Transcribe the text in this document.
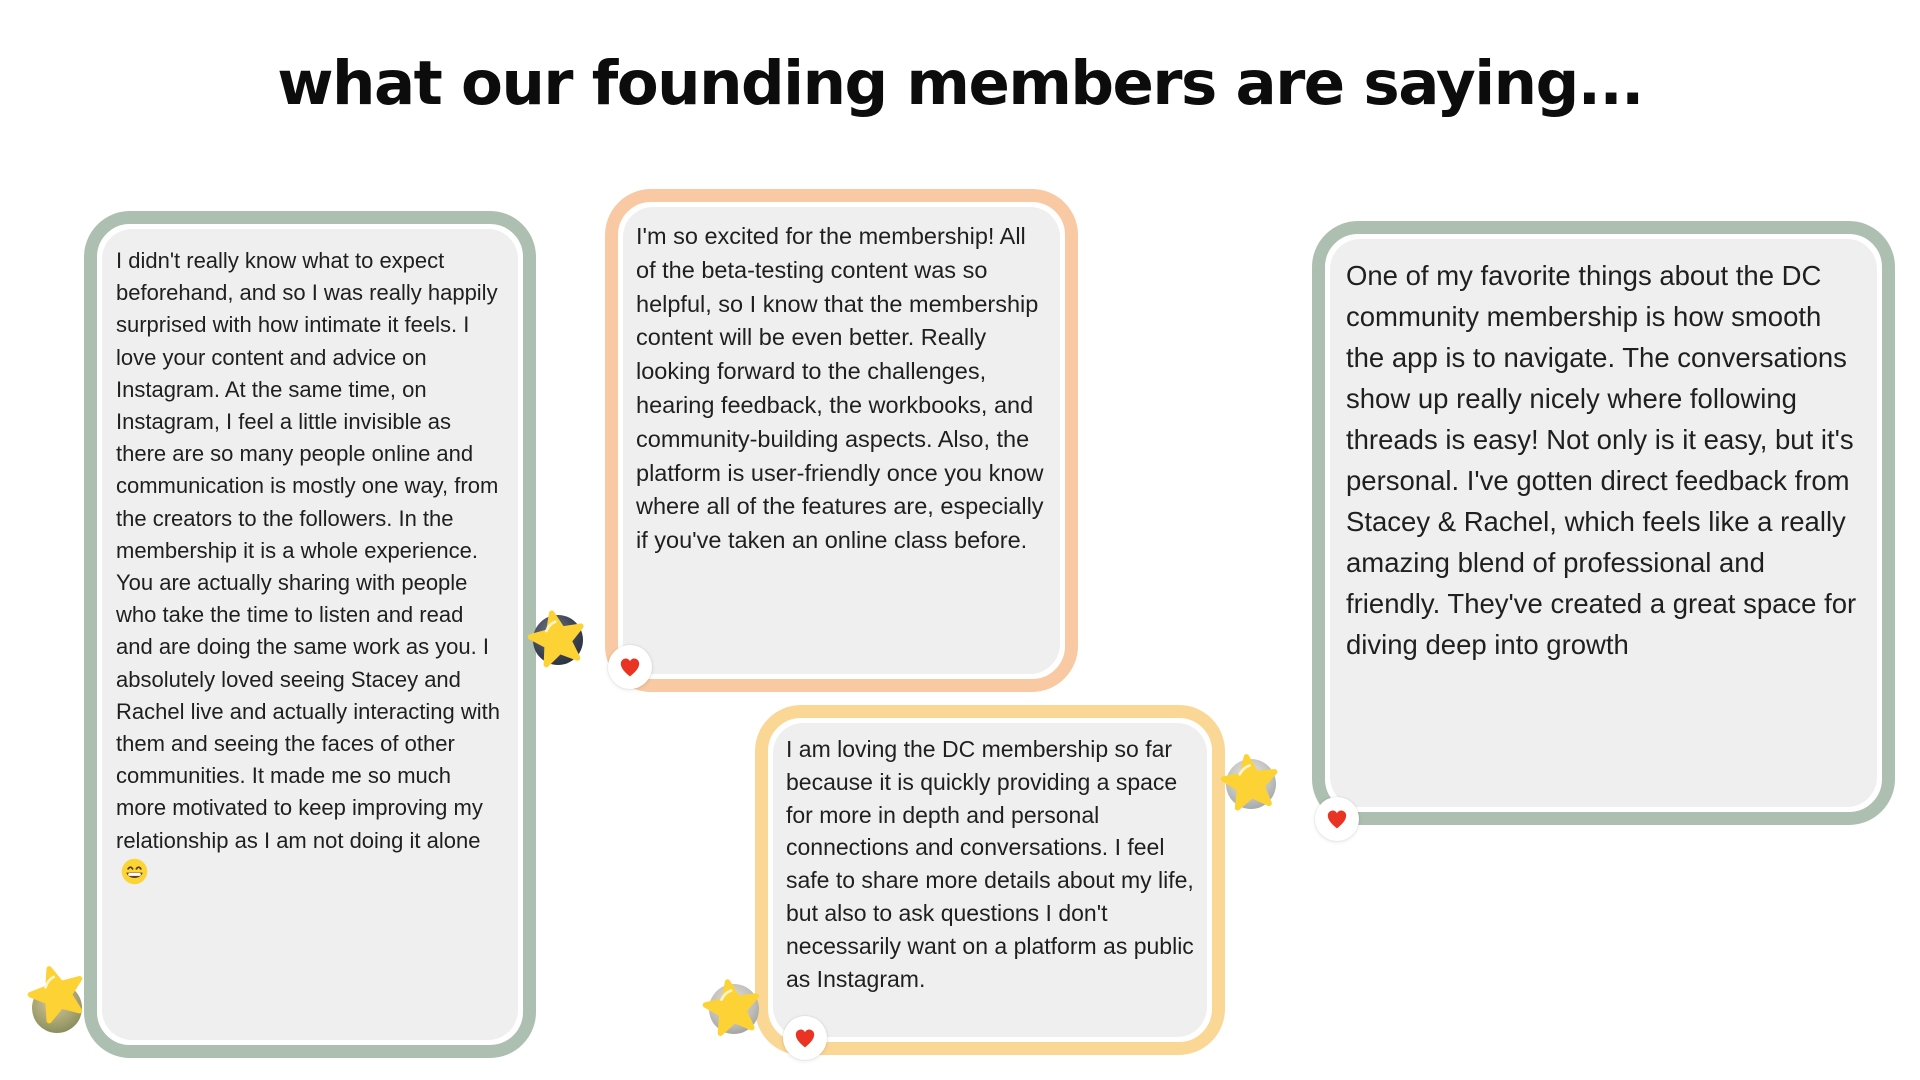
what our founding members are saying...

I didn't really know what to expect beforehand, and so I was really happily surprised with how intimate it feels. I love your content and advice on Instagram. At the same time, on Instagram, I feel a little invisible as there are so many people online and communication is mostly one way, from the creators to the followers. In the membership it is a whole experience. You are actually sharing with people who take the time to listen and read and are doing the same work as you. I absolutely loved seeing Stacey and Rachel live and actually interacting with them and seeing the faces of other communities. It made me so much more motivated to keep improving my relationship as I am not doing it alone

I'm so excited for the membership! All of the beta-testing content was so helpful, so I know that the membership content will be even better. Really looking forward to the challenges, hearing feedback, the workbooks, and community-building aspects. Also, the platform is user-friendly once you know where all of the features are, especially if you've taken an online class before.

I am loving the DC membership so far because it is quickly providing a space for more in depth and personal connections and conversations. I feel safe to share more details about my life, but also to ask questions I don't necessarily want on a platform as public as Instagram.

One of my favorite things about the DC community membership is how smooth the app is to navigate. The conversations show up really nicely where following threads is easy! Not only is it easy, but it's personal. I've gotten direct feedback from Stacey & Rachel, which feels like a really amazing blend of professional and friendly. They've created a great space for diving deep into growth
